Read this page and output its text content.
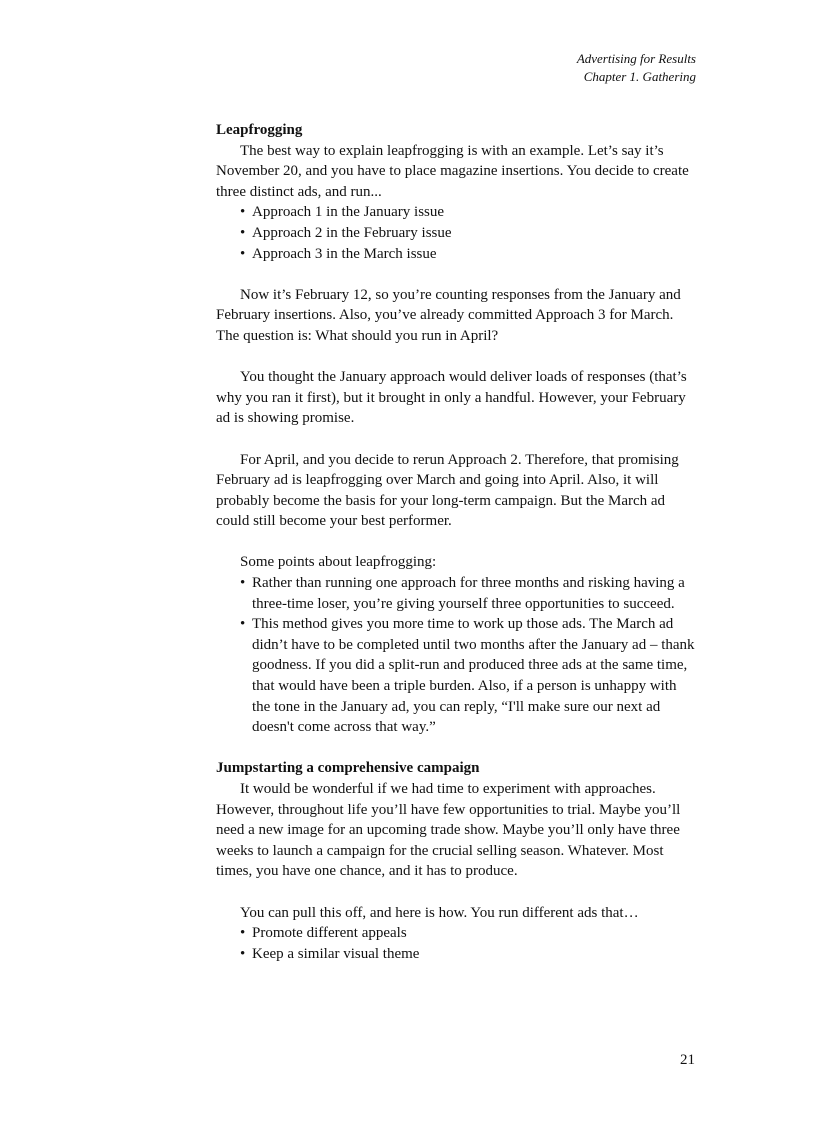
Advertising for Results
Chapter 1. Gathering

Leapfrogging

The best way to explain leapfrogging is with an example. Let’s say it’s November 20, and you have to place magazine insertions. You decide to create three distinct ads, and run...

• Approach 1 in the January issue
• Approach 2 in the February issue
• Approach 3 in the March issue

Now it’s February 12, so you’re counting responses from the January and February insertions. Also, you’ve already committed Approach 3 for March. The question is: What should you run in April?

You thought the January approach would deliver loads of responses (that’s why you ran it first), but it brought in only a handful. However, your February ad is showing promise.

For April, and you decide to rerun Approach 2. Therefore, that promising February ad is leapfrogging over March and going into April. Also, it will probably become the basis for your long-term campaign. But the March ad could still become your best performer.

Some points about leapfrogging:

• Rather than running one approach for three months and risking having a three-time loser, you’re giving yourself three opportunities to succeed.
• This method gives you more time to work up those ads. The March ad didn’t have to be completed until two months after the January ad – thank goodness. If you did a split-run and produced three ads at the same time, that would have been a triple burden. Also, if a person is unhappy with the tone in the January ad, you can reply, “I'll make sure our next ad doesn't come across that way.”

Jumpstarting a comprehensive campaign

It would be wonderful if we had time to experiment with approaches. However, throughout life you’ll have few opportunities to trial. Maybe you’ll need a new image for an upcoming trade show. Maybe you’ll only have three weeks to launch a campaign for the crucial selling season. Whatever. Most times, you have one chance, and it has to produce.

You can pull this off, and here is how. You run different ads that…

• Promote different appeals
• Keep a similar visual theme
21
